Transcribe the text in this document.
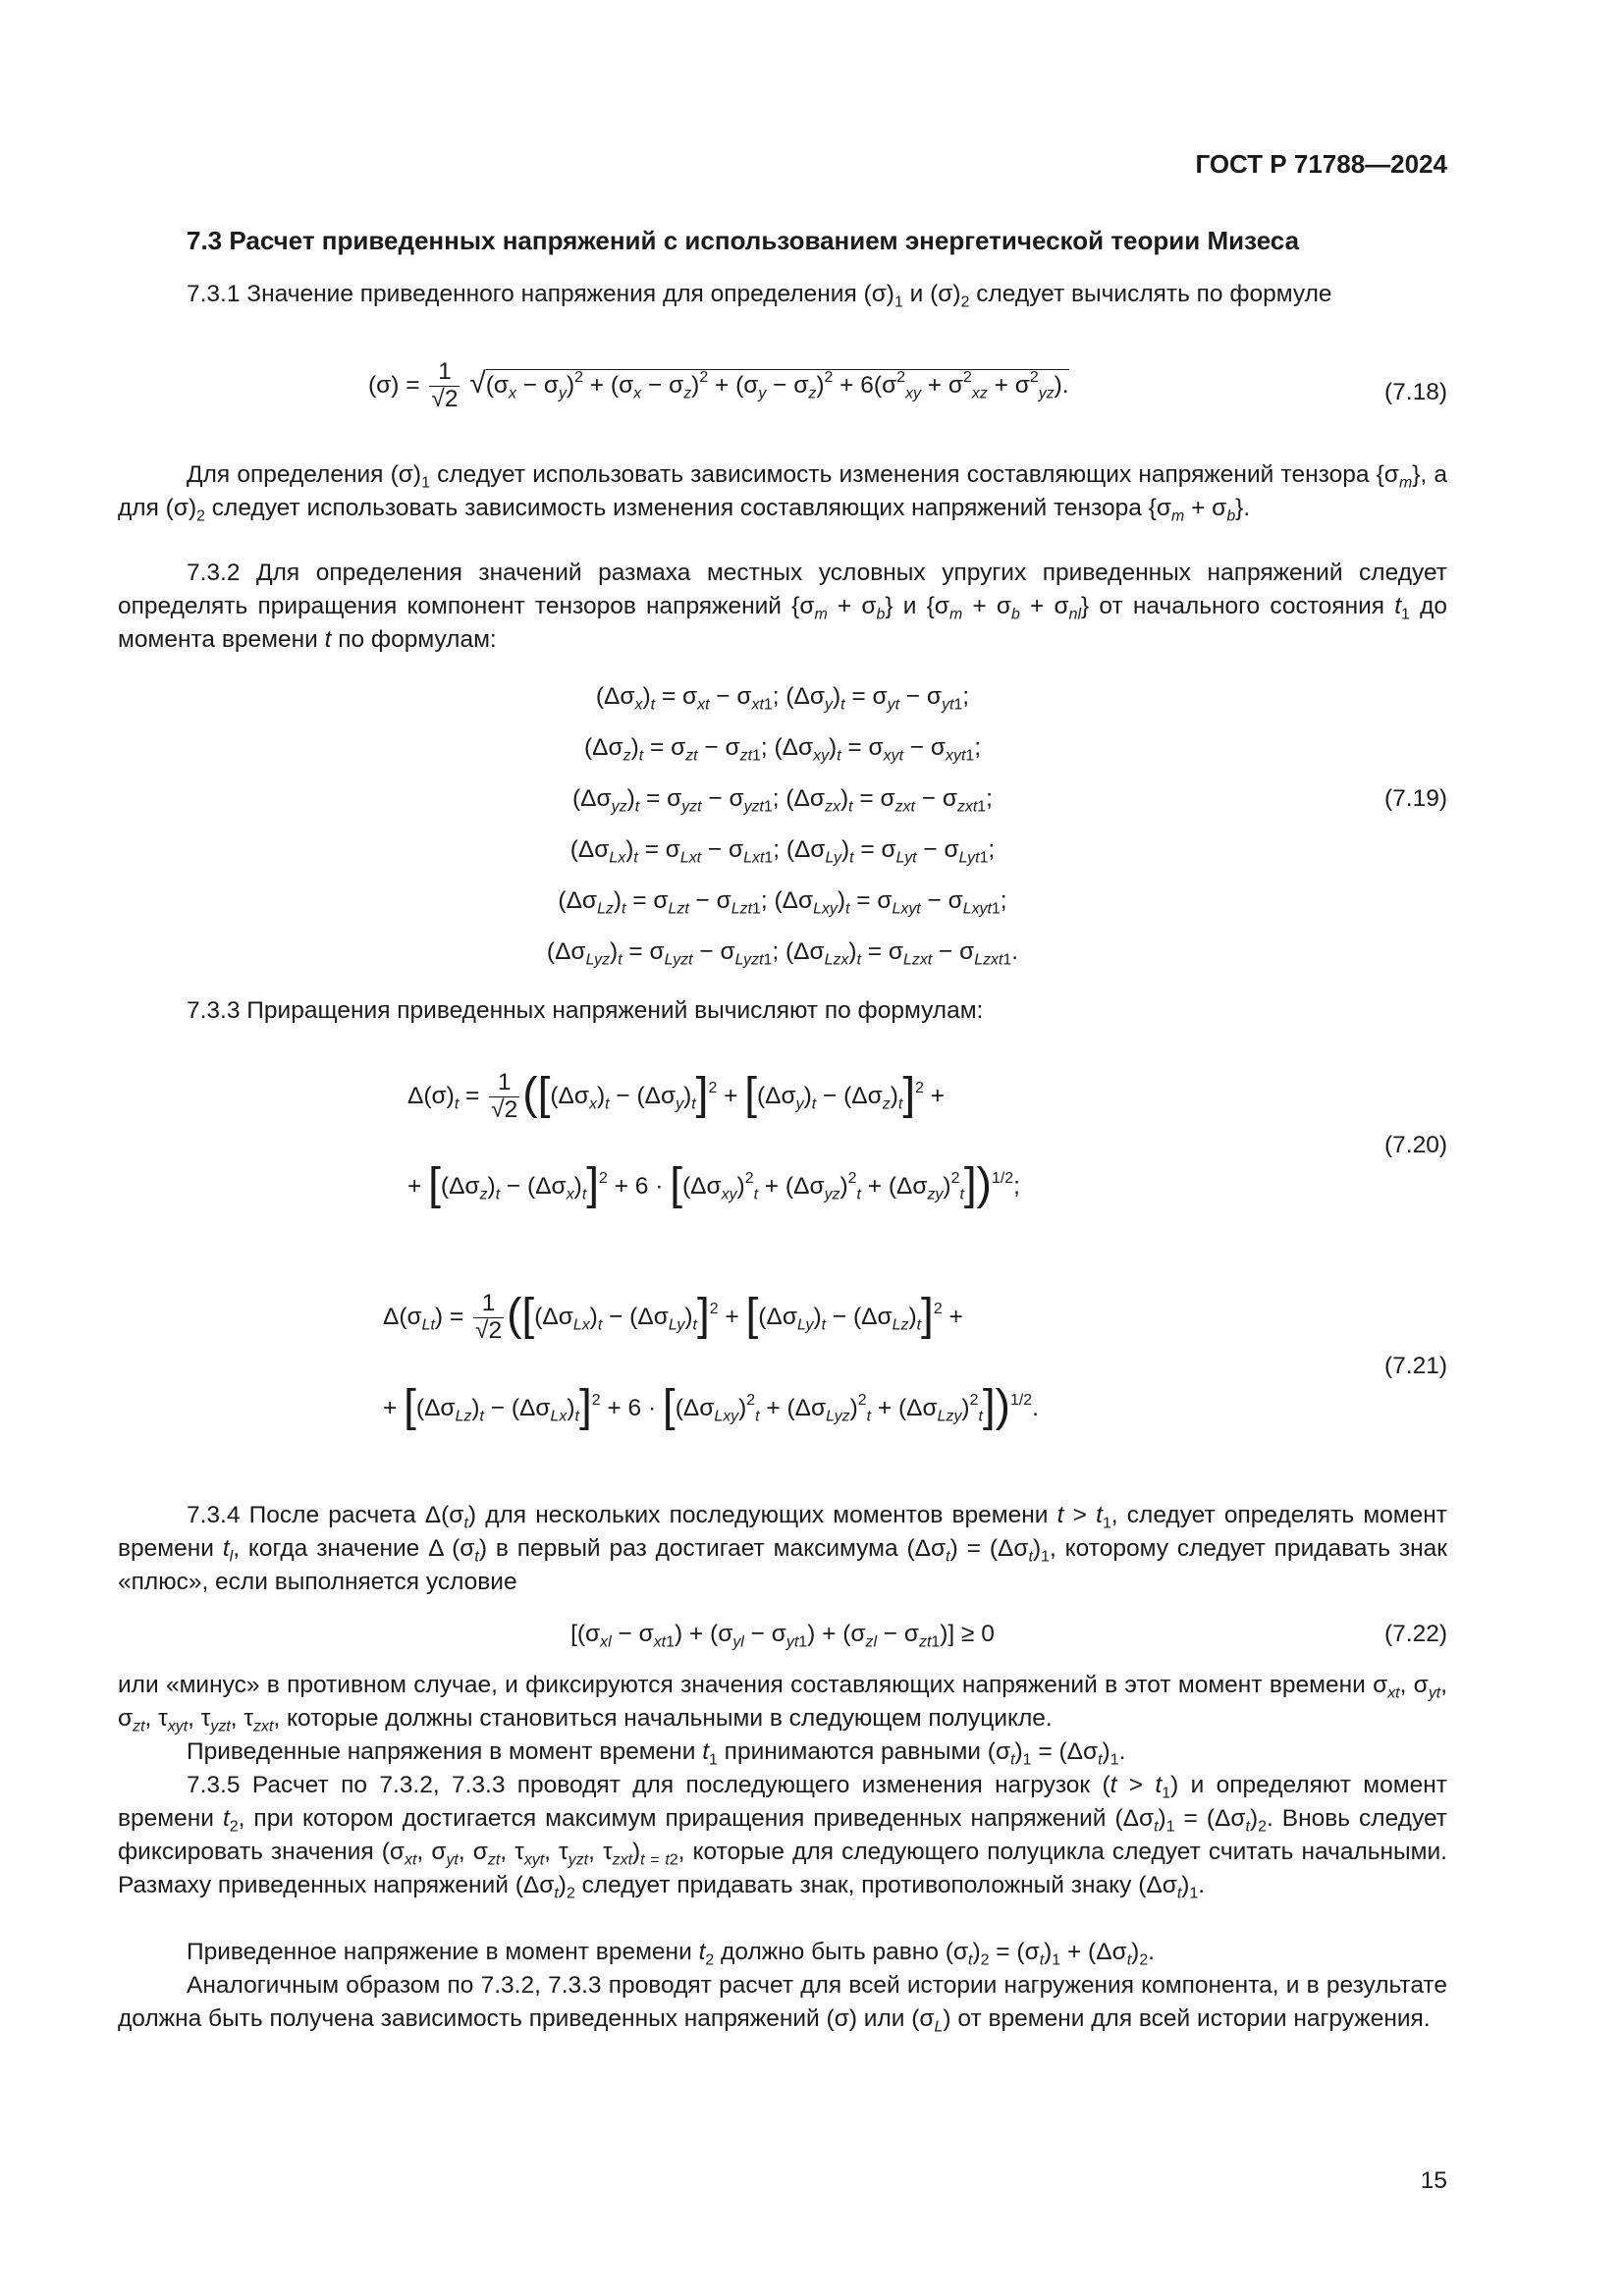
ГОСТ Р 71788—2024
7.3 Расчет приведенных напряжений с использованием энергетической теории Мизеса
7.3.1 Значение приведенного напряжения для определения $(\sigma)_1$ и $(\sigma)_2$ следует вычислять по формуле
$(\sigma) = \frac{1}{√2} √(\sigma_x - \sigma_y)^2 + (\sigma_x - \sigma_z)^2 + (\sigma_y - \sigma_z)^2 + 6(\sigma^2_{xy} + \sigma^2_{xz} + \sigma^2_{yz})$.	(7.18)
Для определения $(\sigma)_1$ следует использовать зависимость изменения составляющих напряжений тензора $\{\sigma_m\}$, а для $(\sigma)_2$ следует использовать зависимость изменения составляющих напряжений тензора $\{\sigma_m + \sigma_b\}$.
7.3.2 Для определения значений размаха местных условных упругих приведенных напряжений следует определять приращения компонент тензоров напряжений $\{\sigma_m + \sigma_b\}$ и $\{\sigma_m + \sigma_b + \sigma_{nl}\}$ от начального состояния $t_1$ до момента времени t по формулам:
$(\Delta\sigma_x)_t = \sigma_{xt} - \sigma_{xt1}$; $(\Delta\sigma_y)_t = \sigma_{yt} - \sigma_{yt1}$;
$(\Delta\sigma_z)_t = \sigma_{zt} - \sigma_{zt1}$; $(\Delta\sigma_{xy})_t = \sigma_{xyt} - \sigma_{xyt1}$;
$(\Delta\sigma_{yz})_t = \sigma_{yzt} - \sigma_{yzt1}$; $(\Delta\sigma_{zx})_t = \sigma_{zxt} - \sigma_{zxt1}$;	(7.19)
$(\Delta\sigma_{Lx})_t = \sigma_{Lxt} - \sigma_{Lxt1}$; $(\Delta\sigma_{Ly})_t = \sigma_{Lyt} - \sigma_{Lyt1}$;
$(\Delta\sigma_{Lz})_t = \sigma_{Lzt} - \sigma_{Lzt1}$; $(\Delta\sigma_{Lxy})_t = \sigma_{Lxyt} - \sigma_{Lxyt1}$;
$(\Delta\sigma_{Lyz})_t = \sigma_{Lyzt} - \sigma_{Lyzt1}$; $(\Delta\sigma_{Lzx})_t = \sigma_{Lzxt} - \sigma_{Lzxt1}$.
7.3.3 Приращения приведенных напряжений вычисляют по формулам:
$\Delta(\sigma)_t = \frac{1}{√2} ([(\Delta\sigma_x)_t - (\Delta\sigma_y)_t]^2 + [(\Delta\sigma_y)_t - (\Delta\sigma_z)_t]^2$ +
+ $[(\Delta\sigma_z)_t - (\Delta\sigma_x)_t]^2 + 6 \cdot [(\Delta\sigma_{xy})^2_t + (\Delta\sigma_{yz})^2_t + (\Delta\sigma_{zy})^2_t])^{1/2}$;
(7.20)
$\Delta(\sigma_{Lt}) = \frac{1}{√2} ([(\Delta\sigma_{Lx})_t - (\Delta\sigma_{Ly})_t]^2 + [(\Delta\sigma_{Ly})_t - (\Delta\sigma_{Lz})_t]^2$ +
+ $[(\Delta\sigma_{Lz})_t - (\Delta\sigma_{Lx})_t]^2 + 6 \cdot [(\Delta\sigma_{Lxy})^2_t + (\Delta\sigma_{Lyz})^2_t + (\Delta\sigma_{Lzy})^2_t])^{1/2}$.
(7.21)
7.3.4 После расчета $\Delta(\sigma_t)$ для нескольких последующих моментов времени $t > t_1$, следует определять момент времени $t_l$, когда значение Δ $(\sigma_t)$ в первый раз достигает максимума $(\Delta\sigma_t) = (\Delta\sigma_t)_1$, которому следует придавать знак «плюс», если выполняется условие
$[(\sigma_{xl} - \sigma_{xt1}) + (\sigma_{yl} - \sigma_{yt1}) + (\sigma_{zl} - \sigma_{zt1})] \ge 0$	(7.22)
или «минус» в противном случае, и фиксируются значения составляющих напряжений в этот момент времени $\sigma_{xt}$, $\sigma_{yt}$, $\sigma_{zt}$, $\tau_{xyt}$, $\tau_{yzt}$, $\tau_{zxt}$, которые должны становиться начальными в следующем полуцикле.
Приведенные напряжения в момент времени $t_1$ принимаются равными $(\sigma_t)_1 = (\Delta\sigma_t)_1$.
7.3.5 Расчет по 7.3.2, 7.3.3 проводят для последующего изменения нагрузок $(t > t_1)$ и определяют момент времени $t_2$, при котором достигается максимум приращения приведенных напряжений $(\Delta\sigma_t)_1 = (\Delta\sigma_t)_2$. Вновь следует фиксировать значения ($\sigma_{xt}$, $\sigma_{yt}$, $\sigma_{zt}$, $\tau_{xyt}$, $\tau_{yzt}$, $\tau_{zxt})_{t = t2}$, которые для следующего полуцикла следует считать начальными. Размаху приведенных напряжений $(\Delta\sigma_t)_2$ следует придавать знак, противоположный знаку $(\Delta\sigma_t)_1$.
Приведенное напряжение в момент времени $t_2$ должно быть равно $(\sigma_t)_2 = (\sigma_t)_1 + (\Delta\sigma_t)_2$.
Аналогичным образом по 7.3.2, 7.3.3 проводят расчет для всей истории нагружения компонента, и в результате должна быть получена зависимость приведенных напряжений (σ) или $(\sigma_L)$ от времени для всей истории нагружения.
15
